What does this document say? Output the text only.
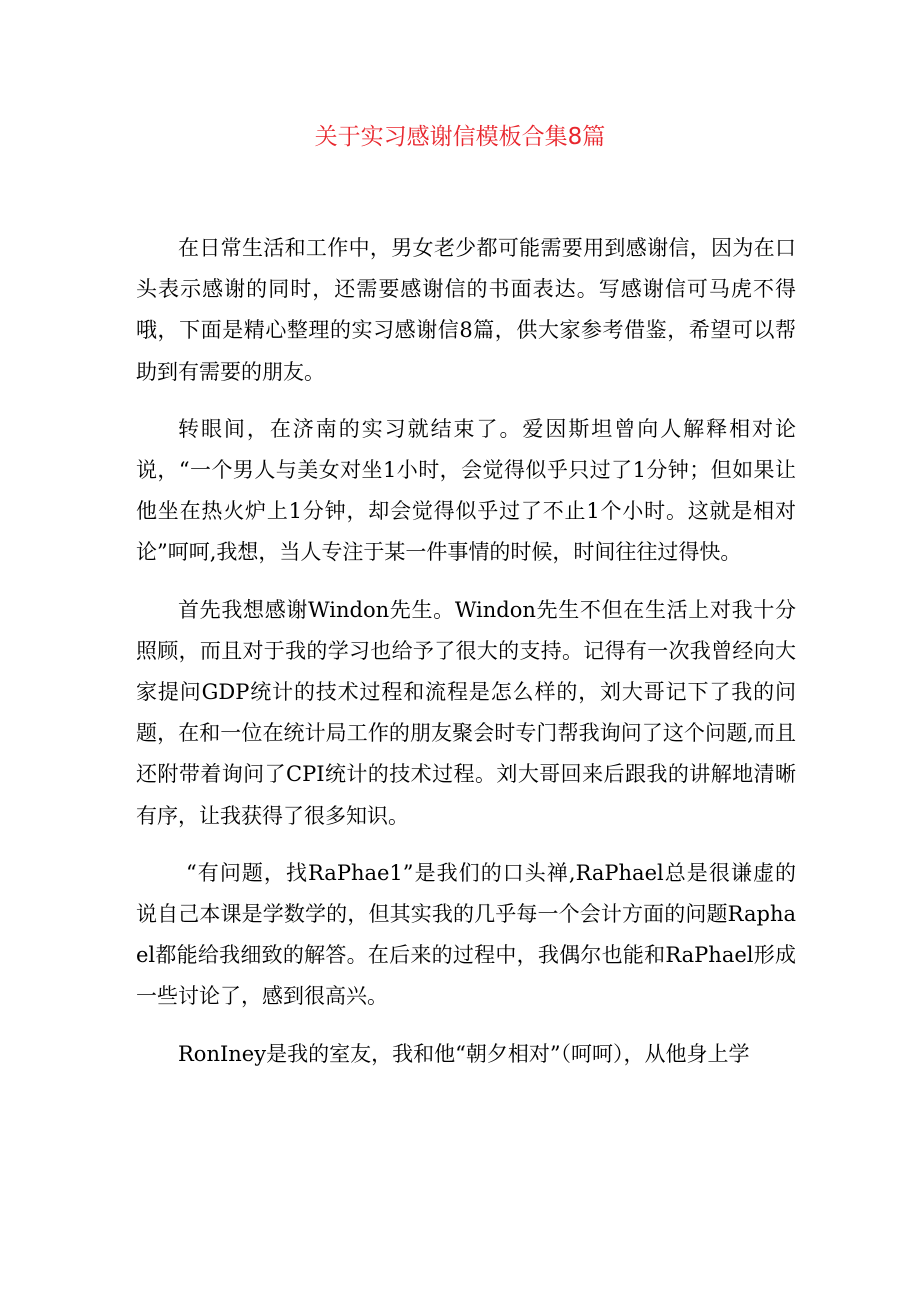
关于实习感谢信模板合集8篇

在日常生活和工作中，男女老少都可能需要用到感谢信，因为在口头表示感谢的同时，还需要感谢信的书面表达。写感谢信可马虎不得哦，下面是精心整理的实习感谢信8篇，供大家参考借鉴，希望可以帮助到有需要的朋友。

转眼间，在济南的实习就结束了。爱因斯坦曾向人解释相对论说，“一个男人与美女对坐1小时，会觉得似乎只过了1分钟；但如果让他坐在热火炉上1分钟，却会觉得似乎过了不止1个小时。这就是相对论”呵呵,我想，当人专注于某一件事情的时候，时间往往过得快。

首先我想感谢Windon先生。Windon先生不但在生活上对我十分照顾，而且对于我的学习也给予了很大的支持。记得有一次我曾经向大家提问GDP统计的技术过程和流程是怎么样的，刘大哥记下了我的问题，在和一位在统计局工作的朋友聚会时专门帮我询问了这个问题,而且还附带着询问了CPI统计的技术过程。刘大哥回来后跟我的讲解地清晰有序，让我获得了很多知识。

“有问题，找RaPhae1”是我们的口头禅,RaPhael总是很谦虚的说自己本课是学数学的，但其实我的几乎每一个会计方面的问题Raphael都能给我细致的解答。在后来的过程中，我偶尔也能和RaPhael形成一些讨论了，感到很高兴。

RonIney是我的室友，我和他“朝夕相对”（呵呵），从他身上学
